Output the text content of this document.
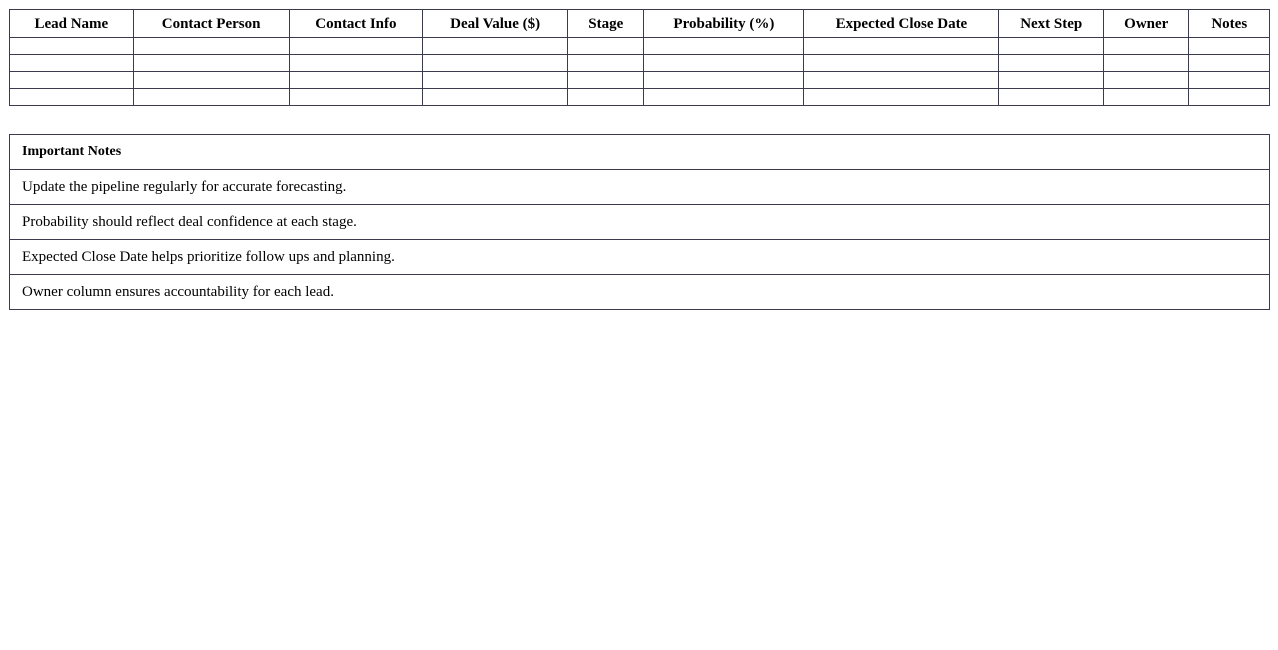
Lead Name	Contact Person	Contact Info	Deal Value ($)	Stage	Probability (%)	Expected Close Date	Next Step	Owner	Notes

Important Notes
Update the pipeline regularly for accurate forecasting.
Probability should reflect deal confidence at each stage.
Expected Close Date helps prioritize follow ups and planning.
Owner column ensures accountability for each lead.
